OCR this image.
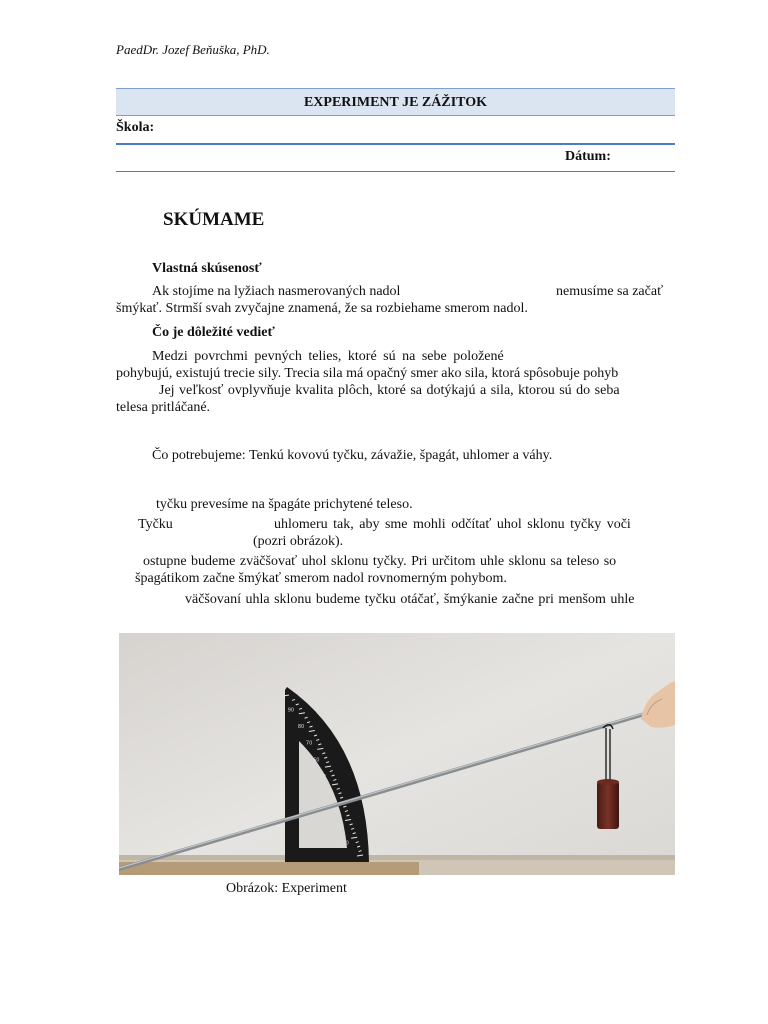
PaedDr. Jozef Beňuška, PhD.
EXPERIMENT JE ZÁŽITOK
Škola:
Dátum:
SKÚMAME
Vlastná skúsenosť
Ak stojíme na lyžiach nasmerovaných nadol	nemusíme sa začať
šmýkať. Strmší svah zvyčajne znamená, že sa rozbiehame smerom nadol.
Čo je dôležité vedieť
Medzi povrchmi pevných telies, ktoré sú na sebe položené
pohybujú, existujú trecie sily. Trecia sila má opačný smer ako sila, ktorá spôsobuje pohyb
Jej veľkosť ovplyvňuje kvalita plôch, ktoré sa dotýkajú a sila, ktorou sú do seba
telesa pritláčané.
Čo potrebujeme: Tenkú kovovú tyčku, závažie, špagát, uhlomer a váhy.
tyčku prevesíme na špagáte prichytené teleso.
Tyčku	uhlomeru tak, aby sme mohli odčítať uhol sklonu tyčky voči
(pozri obrázok).
ostupne budeme zväčšovať uhol sklonu tyčky. Pri určitom uhle sklonu sa teleso so
špagátikom začne šmýkať smerom nadol rovnomerným pohybom.
väčšovaní uhla sklonu budeme tyčku otáčať, šmýkanie začne pri menšom uhle
90
80
70
60
50
40
30
20
10
Obrázok: Experiment
